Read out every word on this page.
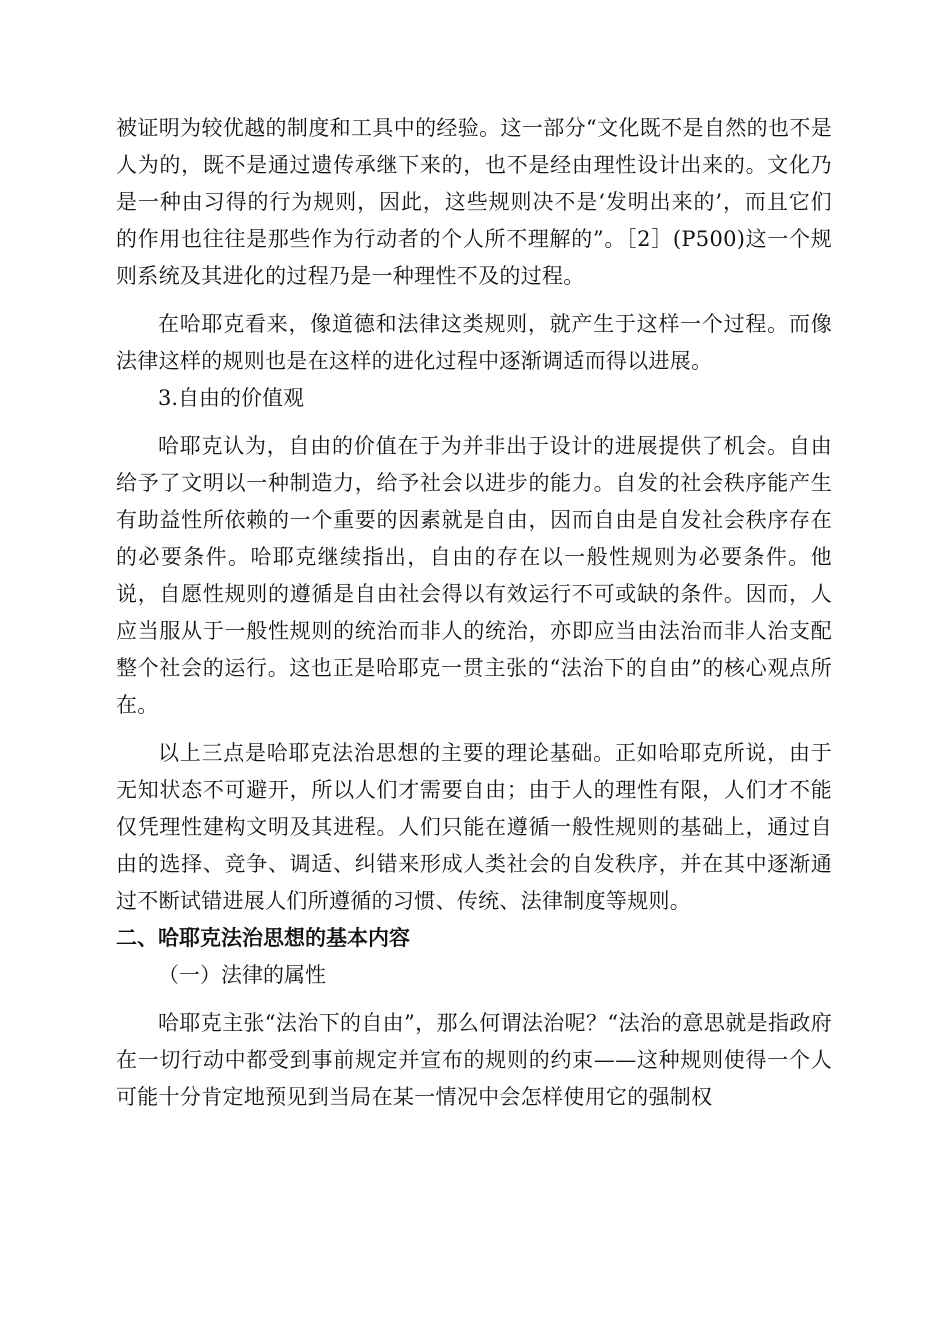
被证明为较优越的制度和工具中的经验。这一部分“文化既不是自然的也不是人为的，既不是通过遗传承继下来的，也不是经由理性设计出来的。文化乃是一种由习得的行为规则，因此，这些规则决不是‘发明出来的’，而且它们的作用也往往是那些作为行动者的个人所不理解的”。［2］(P500)这一个规则系统及其进化的过程乃是一种理性不及的过程。

在哈耶克看来，像道德和法律这类规则，就产生于这样一个过程。而像法律这样的规则也是在这样的进化过程中逐渐调适而得以进展。

3.自由的价值观

哈耶克认为，自由的价值在于为并非出于设计的进展提供了机会。自由给予了文明以一种制造力，给予社会以进步的能力。自发的社会秩序能产生有助益性所依赖的一个重要的因素就是自由，因而自由是自发社会秩序存在的必要条件。哈耶克继续指出，自由的存在以一般性规则为必要条件。他说，自愿性规则的遵循是自由社会得以有效运行不可或缺的条件。因而，人应当服从于一般性规则的统治而非人的统治，亦即应当由法治而非人治支配整个社会的运行。这也正是哈耶克一贯主张的“法治下的自由”的核心观点所在。

以上三点是哈耶克法治思想的主要的理论基础。正如哈耶克所说，由于无知状态不可避开，所以人们才需要自由；由于人的理性有限，人们才不能仅凭理性建构文明及其进程。人们只能在遵循一般性规则的基础上，通过自由的选择、竞争、调适、纠错来形成人类社会的自发秩序，并在其中逐渐通过不断试错进展人们所遵循的习惯、传统、法律制度等规则。

二、哈耶克法治思想的基本内容

（一）法律的属性

哈耶克主张“法治下的自由”，那么何谓法治呢？“法治的意思就是指政府在一切行动中都受到事前规定并宣布的规则的约束——这种规则使得一个人可能十分肯定地预见到当局在某一情况中会怎样使用它的强制权
